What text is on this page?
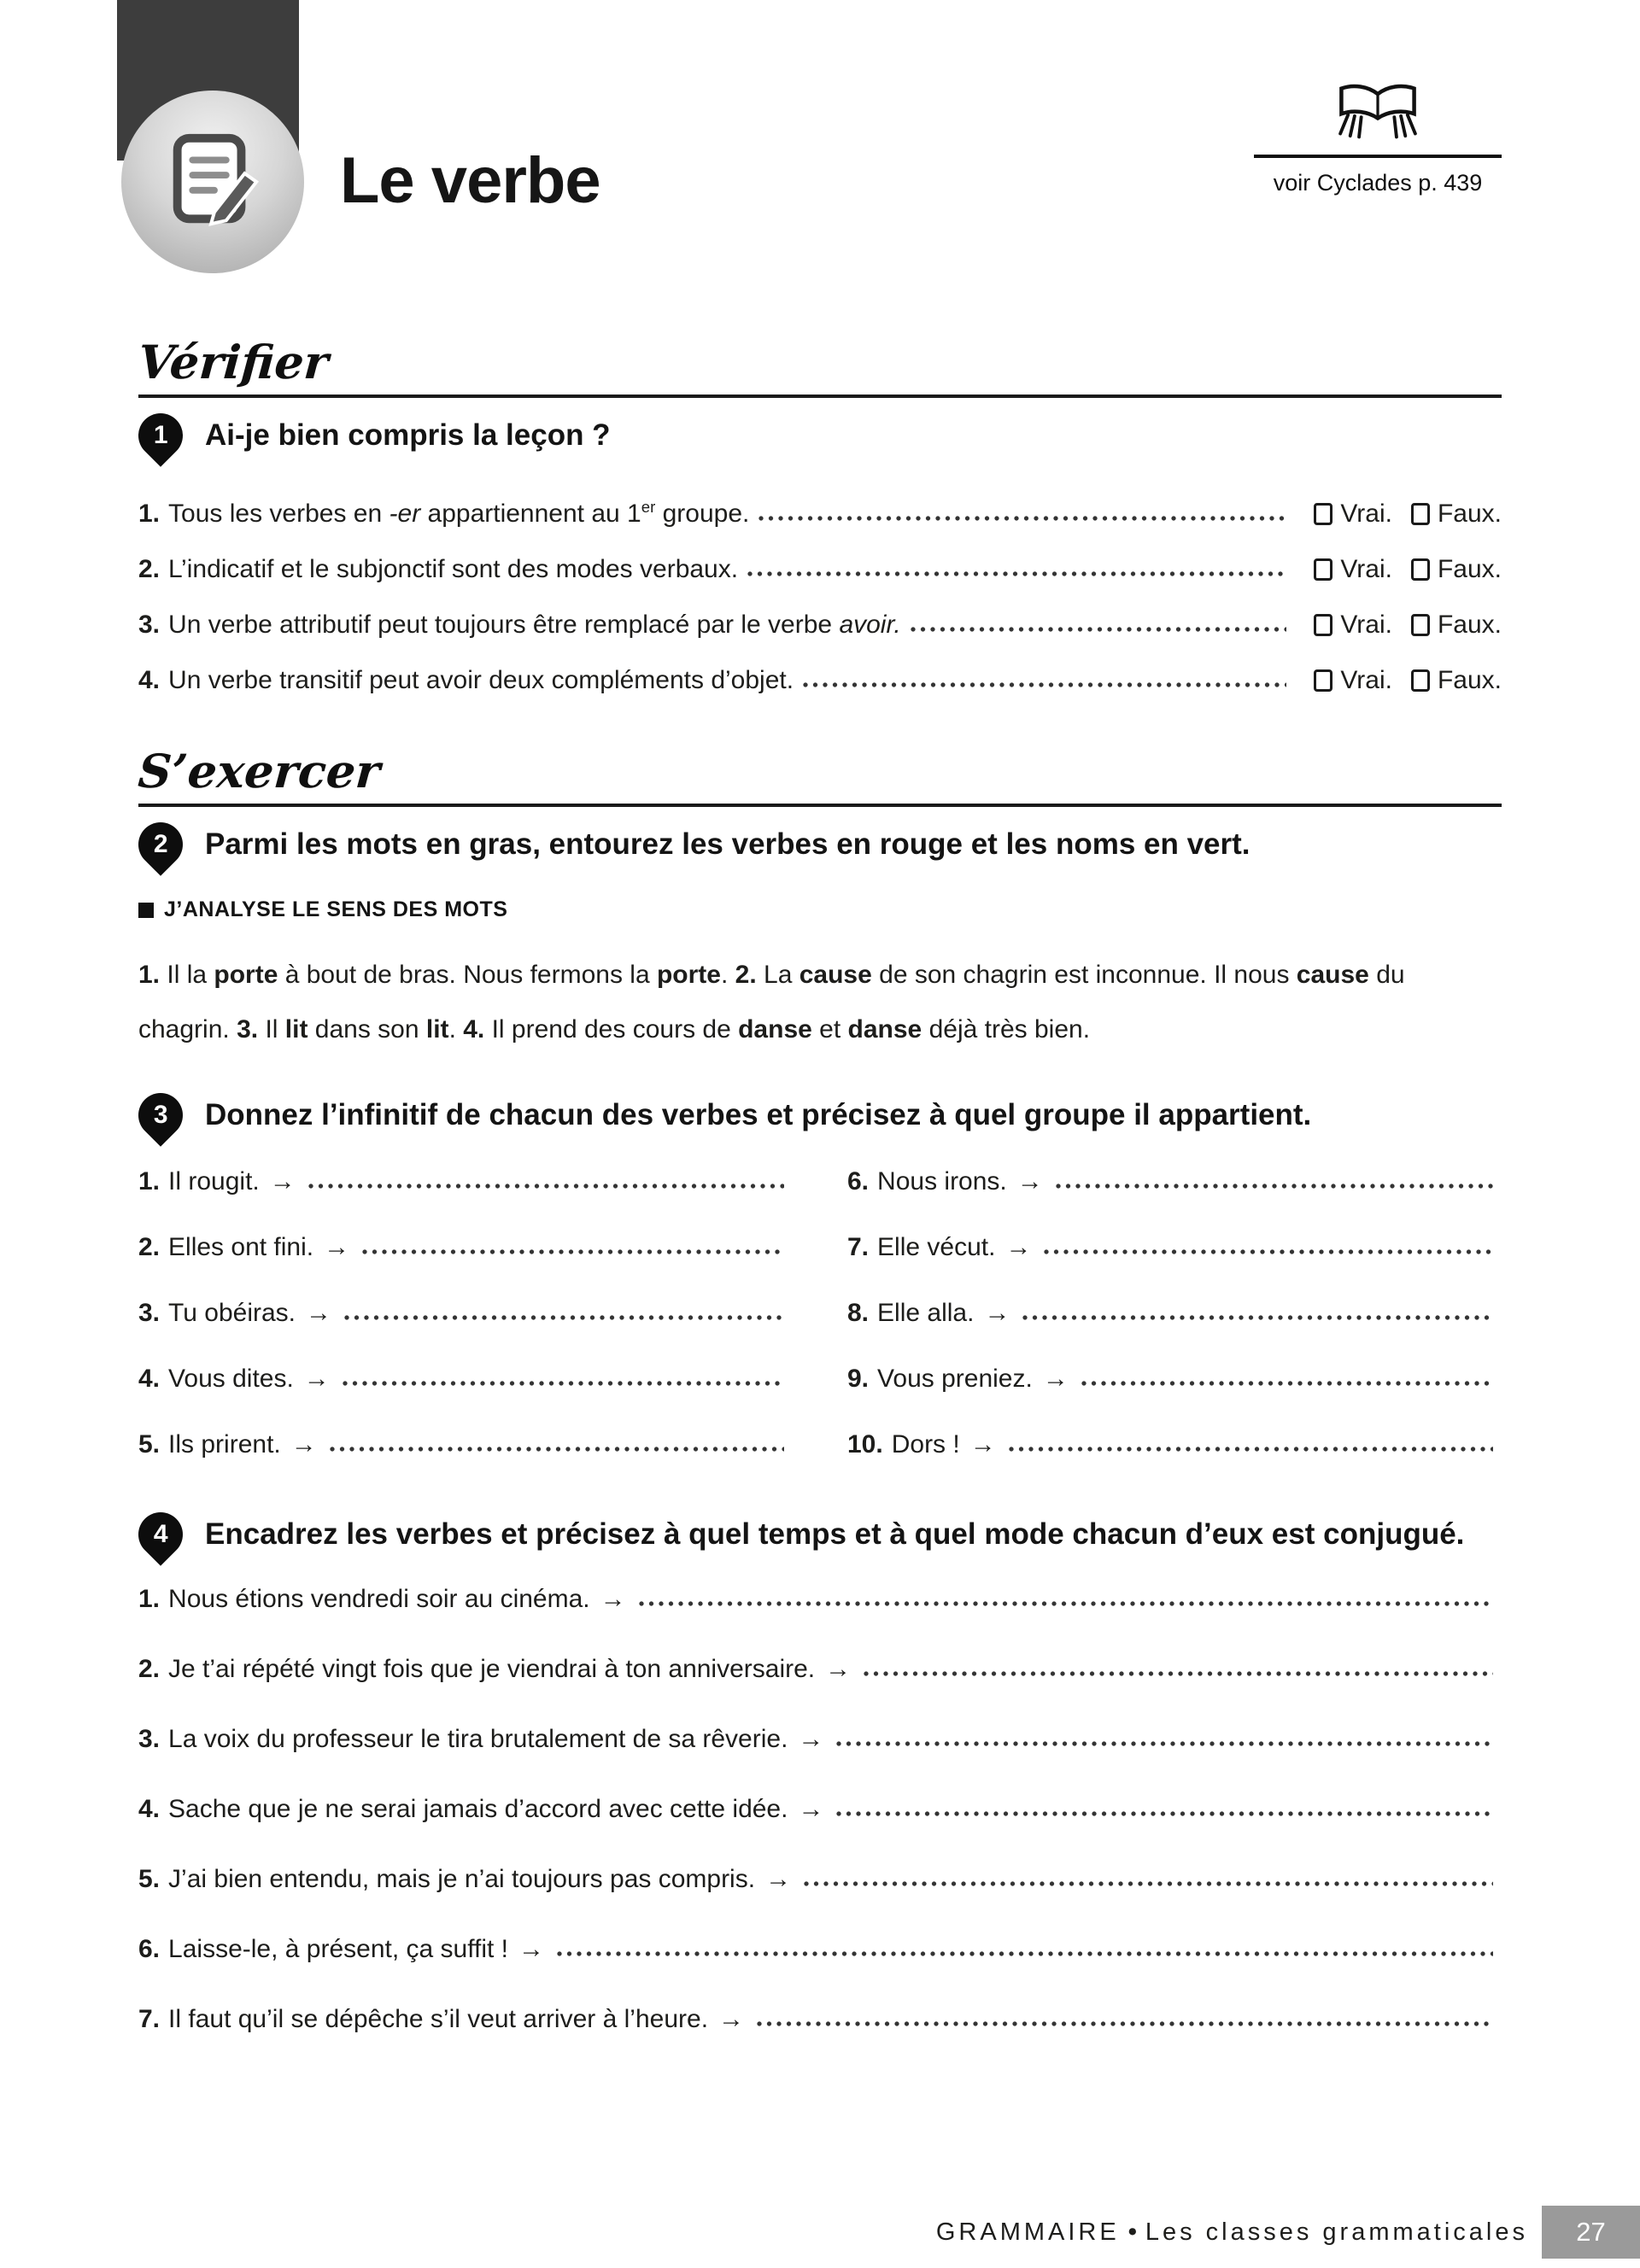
Le verbe	voir Cyclades p. 439
Vérifier
1 Ai-je bien compris la leçon ?
1. Tous les verbes en -er appartiennent au 1er groupe.	Vrai.	Faux.
2. L’indicatif et le subjonctif sont des modes verbaux.	Vrai.	Faux.
3. Un verbe attributif peut toujours être remplacé par le verbe avoir.	Vrai.	Faux.
4. Un verbe transitif peut avoir deux compléments d’objet.	Vrai.	Faux.
S’exercer
2 Parmi les mots en gras, entourez les verbes en rouge et les noms en vert.
J’ANALYSE LE SENS DES MOTS

1. Il la porte à bout de bras. Nous fermons la porte. 2. La cause de son chagrin est inconnue. Il nous cause du chagrin. 3. Il lit dans son lit. 4. Il prend des cours de danse et danse déjà très bien.

3 Donnez l’infinitif de chacun des verbes et précisez à quel groupe il appartient.
1. Il rougit. →
2. Elles ont fini. →
3. Tu obéiras. →
4. Vous dites. →
5. Ils prirent. →
6. Nous irons. →
7. Elle vécut. →
8. Elle alla. →
9. Vous preniez. →
10. Dors ! →
4 Encadrez les verbes et précisez à quel temps et à quel mode chacun d’eux est conjugué.
1. Nous étions vendredi soir au cinéma. →
2. Je t’ai répété vingt fois que je viendrai à ton anniversaire. →
3. La voix du professeur le tira brutalement de sa rêverie. →
4. Sache que je ne serai jamais d’accord avec cette idée. →
5. J’ai bien entendu, mais je n’ai toujours pas compris. →
6. Laisse-le, à présent, ça suffit ! →
7. Il faut qu’il se dépêche s’il veut arriver à l’heure. →
GRAMMAIRE • Les classes grammaticales 27
